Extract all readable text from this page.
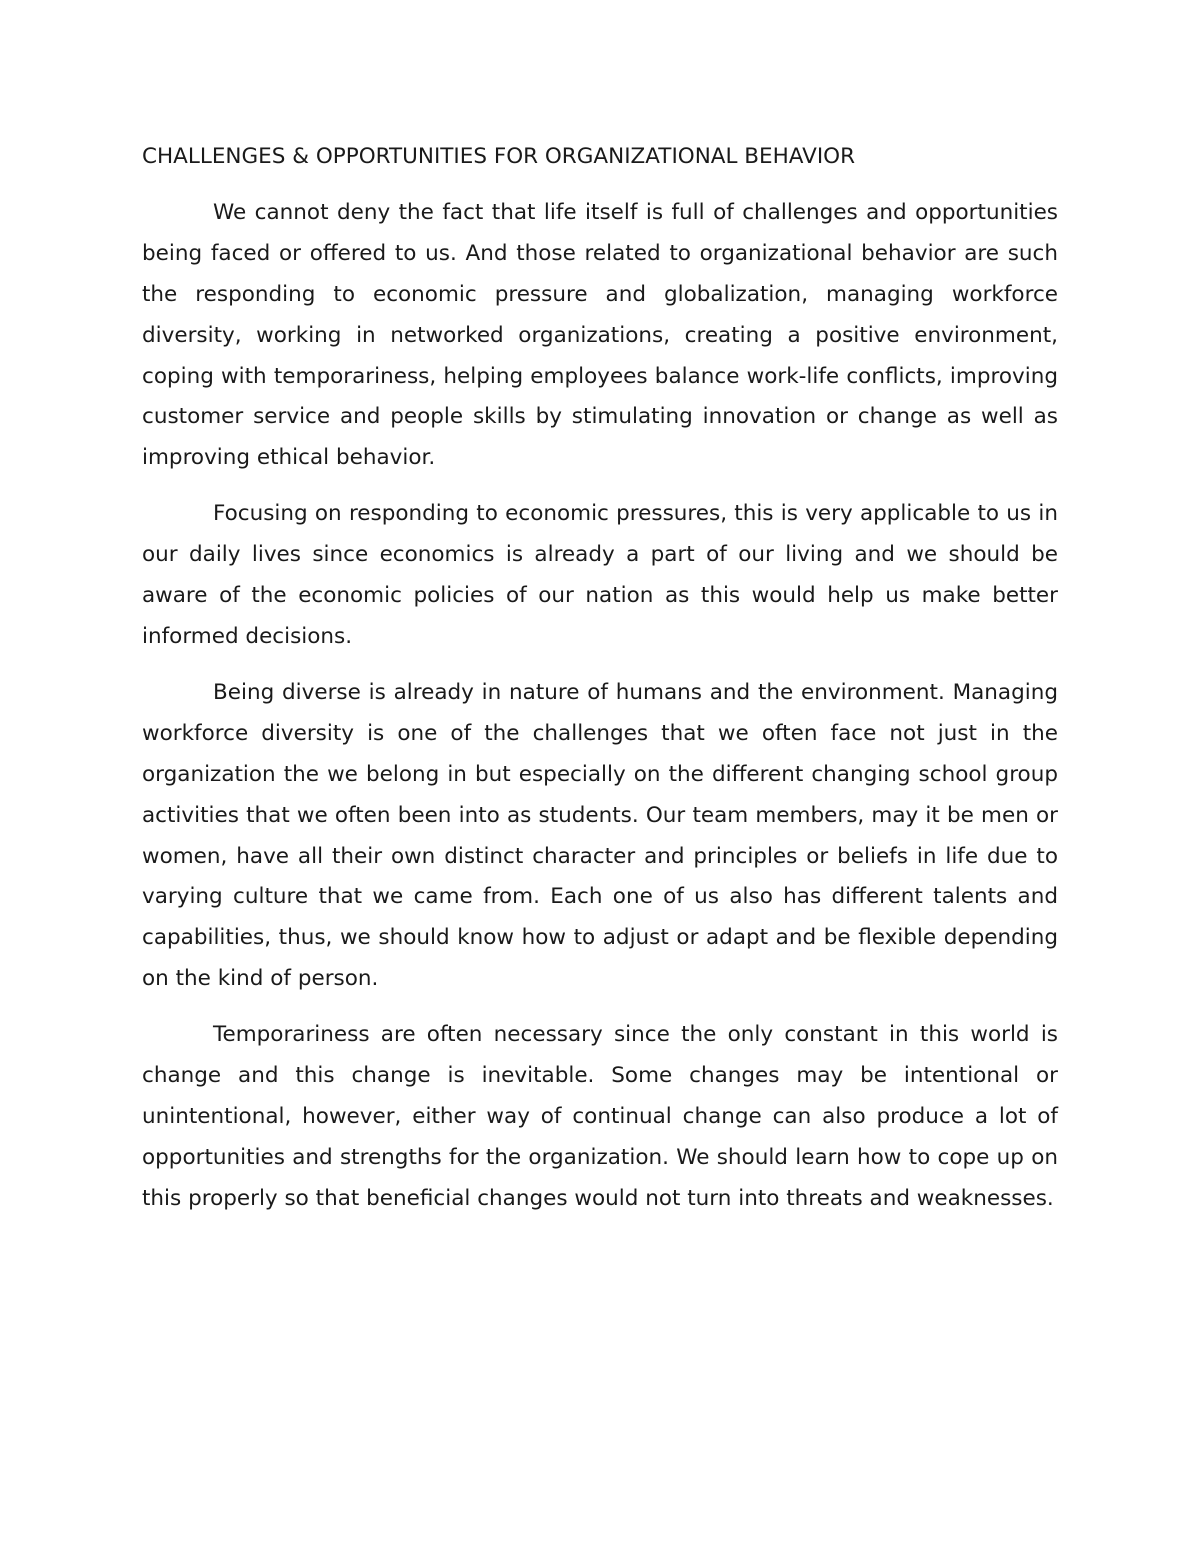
CHALLENGES & OPPORTUNITIES FOR ORGANIZATIONAL BEHAVIOR

We cannot deny the fact that life itself is full of challenges and opportunities being faced or offered to us. And those related to organizational behavior are such the responding to economic pressure and globalization, managing workforce diversity, working in networked organizations, creating a positive environment, coping with temporariness, helping employees balance work-life conflicts, improving customer service and people skills by stimulating innovation or change as well as improving ethical behavior.

Focusing on responding to economic pressures, this is very applicable to us in our daily lives since economics is already a part of our living and we should be aware of the economic policies of our nation as this would help us make better informed decisions.

Being diverse is already in nature of humans and the environment. Managing workforce diversity is one of the challenges that we often face not just in the organization the we belong in but especially on the different changing school group activities that we often been into as students. Our team members, may it be men or women, have all their own distinct character and principles or beliefs in life due to varying culture that we came from. Each one of us also has different talents and capabilities, thus, we should know how to adjust or adapt and be flexible depending on the kind of person.

Temporariness are often necessary since the only constant in this world is change and this change is inevitable. Some changes may be intentional or unintentional, however, either way of continual change can also produce a lot of opportunities and strengths for the organization. We should learn how to cope up on this properly so that beneficial changes would not turn into threats and weaknesses.
